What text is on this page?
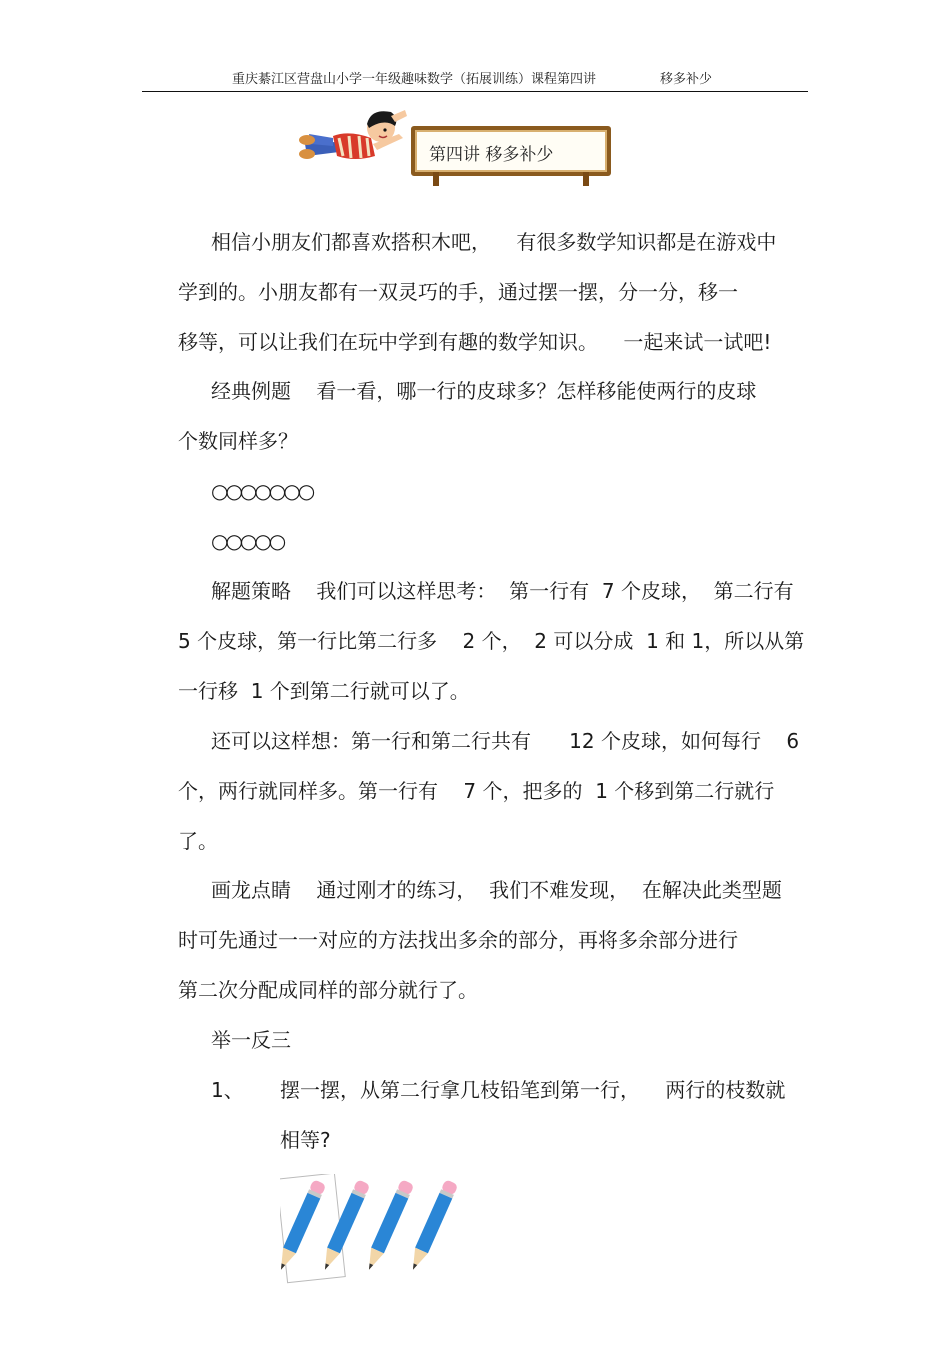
重庆綦江区营盘山小学一年级趣味数学（拓展训练）课程第四讲	移多补少
第四讲 移多补少

相信小朋友们都喜欢搭积木吧，    有很多数学知识都是在游戏中

学到的。小朋友都有一双灵巧的手，通过摆一摆，分一分，移一

移等，可以让我们在玩中学到有趣的数学知识。    一起来试一试吧!

经典例题    看一看，哪一行的皮球多？怎样移能使两行的皮球

个数同样多？

○○○○○○○

○○○○○

解题策略    我们可以这样思考：  第一行有  7 个皮球，  第二行有

5 个皮球，第一行比第二行多    2 个，  2 可以分成  1 和 1，所以从第

一行移  1 个到第二行就可以了。

还可以这样想：第一行和第二行共有      12 个皮球，如何每行    6

个，两行就同样多。第一行有    7 个，把多的  1 个移到第二行就行

了。

画龙点睛    通过刚才的练习，  我们不难发现，  在解决此类型题

时可先通过一一对应的方法找出多余的部分，再将多余部分进行

第二次分配成同样的部分就行了。

举一反三

1、 摆一摆，从第二行拿几枝铅笔到第一行，    两行的枝数就

相等?
